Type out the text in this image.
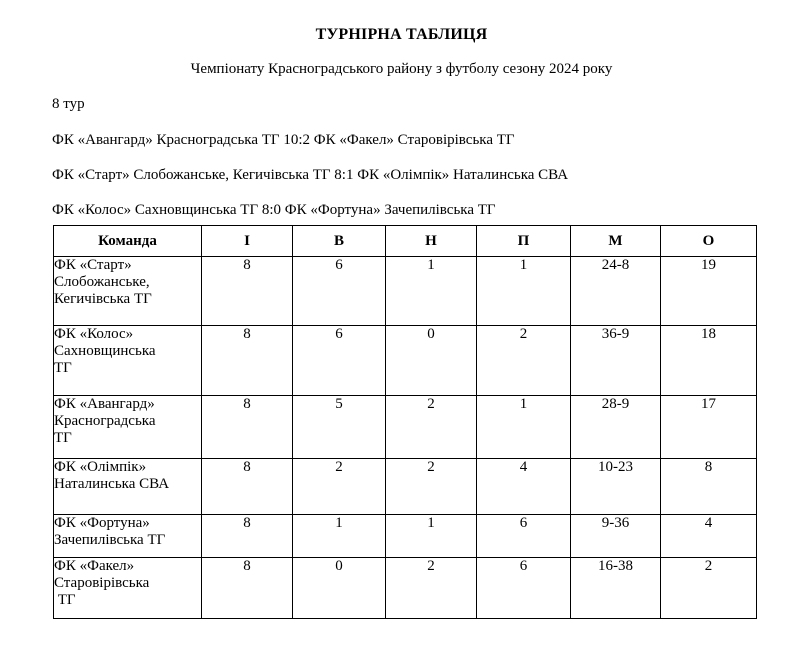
ТУРНІРНА ТАБЛИЦЯ
Чемпіонату Красноградського району з футболу сезону 2024 року
8 тур
ФК «Авангард» Красноградська ТГ 10:2 ФК «Факел» Старовірівська ТГ
ФК «Старт» Слобожанське, Кегичівська ТГ 8:1 ФК «Олімпік» Наталинська СВА
ФК «Колос» Сахновщинська ТГ 8:0 ФК «Фортуна» Зачепилівська ТГ
Команда	І	В	Н	П	М	О

ФК «Старт»
Слобожанське,
Кегичівська ТГ	8	6	1	1	24-8	19

ФК «Колос»
Сахновщинська
ТГ	8	6	0	2	36-9	18

ФК «Авангард»
Красноградська
ТГ	8	5	2	1	28-9	17

ФК «Олімпік»
Наталинська СВА	8	2	2	4	10-23	8

ФК «Фортуна»
Зачепилівська ТГ	8	1	1	6	9-36	4

ФК «Факел»
Старовірівська
ТГ	8	0	2	6	16-38	2
